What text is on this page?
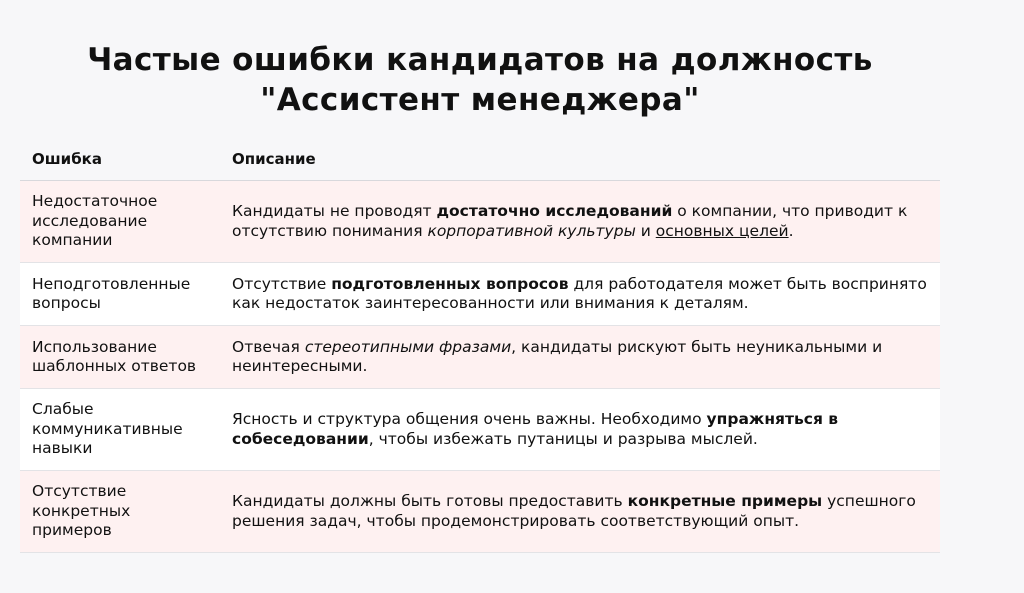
Частые ошибки кандидатов на должность
"Ассистент менеджера"
Ошибка	Описание
Недостаточное исследование компании	Кандидаты не проводят достаточно исследований о компании, что приводит к отсутствию понимания корпоративной культуры и основных целей.
Неподготовленные вопросы	Отсутствие подготовленных вопросов для работодателя может быть воспринято как недостаток заинтересованности или внимания к деталям.
Использование шаблонных ответов	Отвечая стереотипными фразами, кандидаты рискуют быть неуникальными и неинтересными.
Слабые коммуникативные навыки	Ясность и структура общения очень важны. Необходимо упражняться в собеседовании, чтобы избежать путаницы и разрыва мыслей.
Отсутствие конкретных примеров	Кандидаты должны быть готовы предоставить конкретные примеры успешного решения задач, чтобы продемонстрировать соответствующий опыт.
